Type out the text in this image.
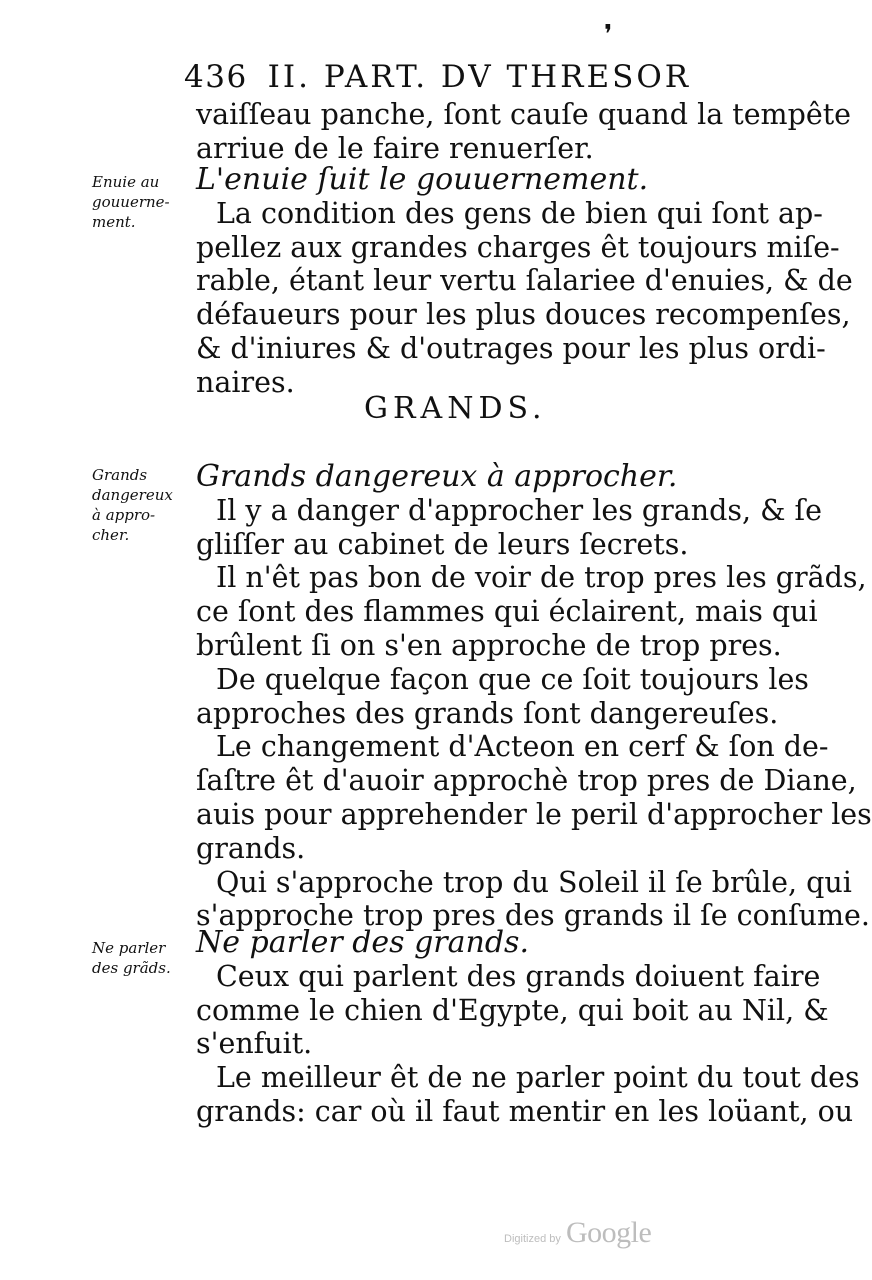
❜
436 II. PART. DV THRESOR
vaiſſeau panche, ſont cauſe quand la tempête
arriue de le faire renuerſer.
Enuie au
gouuerne-
ment.
L'enuie ſuit le gouuernement.
La condition des gens de bien qui ſont ap-
pellez aux grandes charges êt toujours miſe-
rable, étant leur vertu ſalariee d'enuies, & de
défaueurs pour les plus douces recompenſes,
& d'iniures & d'outrages pour les plus ordi-
naires.
GRANDS.
Grands
dangereux
à appro-
cher.
Grands dangereux à approcher.
Il y a danger d'approcher les grands, & ſe
gliſſer au cabinet de leurs ſecrets.
Il n'êt pas bon de voir de trop pres les grãds,
ce ſont des flammes qui éclairent, mais qui
brûlent ſi on s'en approche de trop pres.
De quelque façon que ce ſoit toujours les
approches des grands ſont dangereuſes.
Le changement d'Acteon en cerf & ſon de-
ſaſtre êt d'auoir approchè trop pres de Diane,
auis pour apprehender le peril d'approcher les
grands.
Qui s'approche trop du Soleil il ſe brûle, qui
s'approche trop pres des grands il ſe conſume.
Ne parler
des grãds.
Ne parler des grands.
Ceux qui parlent des grands doiuent faire
comme le chien d'Egypte, qui boit au Nil, &
s'enfuit.
Le meilleur êt de ne parler point du tout des
grands: car où il faut mentir en les loüant, ou
Digitized by Google
